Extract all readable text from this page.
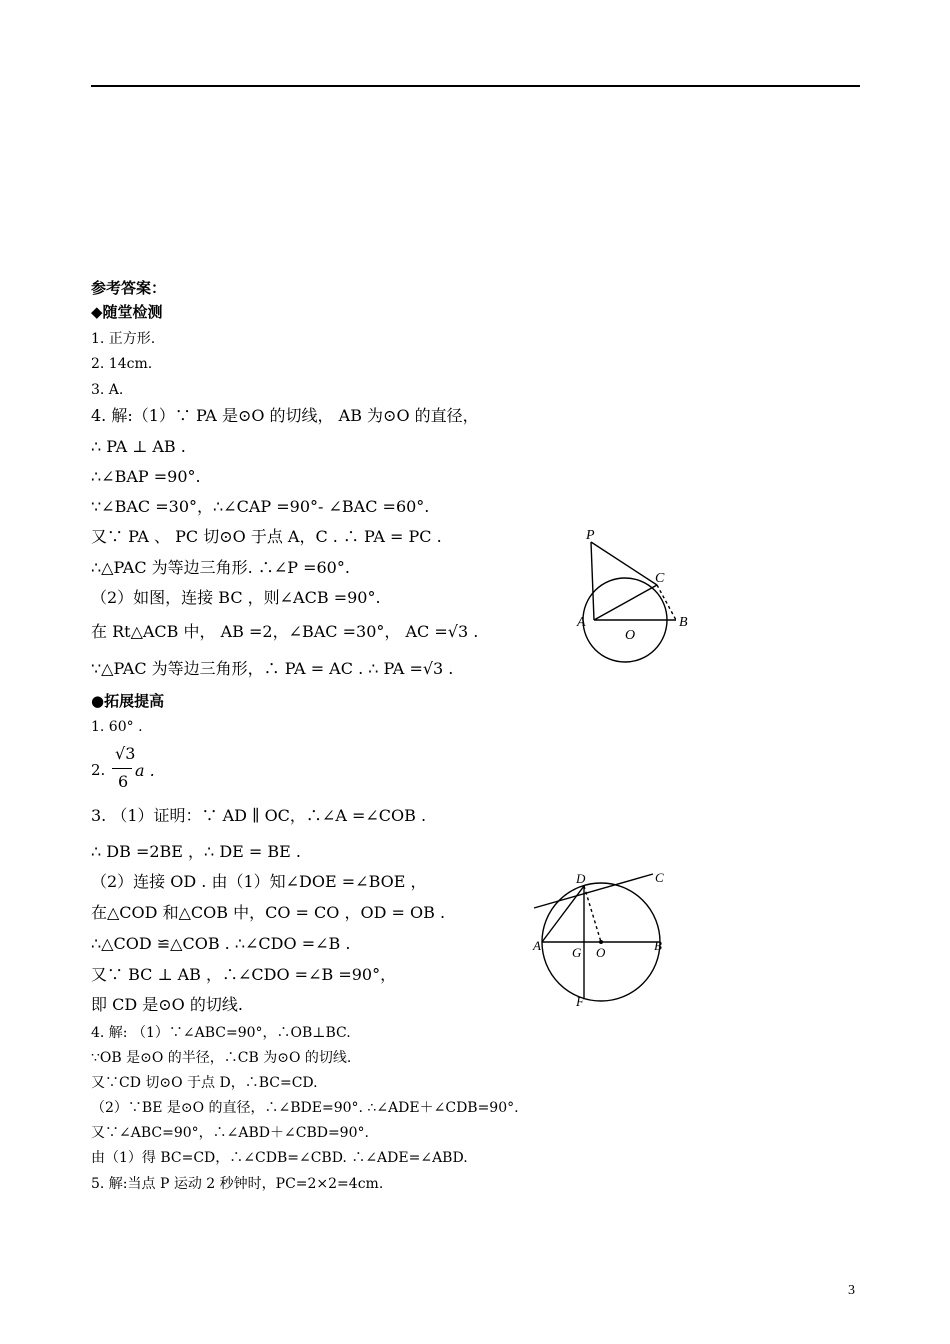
参考答案：
◆随堂检测
1. 正方形.
2. 14cm.
3. A.
4. 解:（1）∵ PA 是⊙O 的切线， AB 为⊙O 的直径，
∴ PA ⊥ AB .
∴∠BAP =90°.
∵∠BAC =30°，∴∠CAP =90°- ∠BAC =60°.
又∵ PA 、 PC 切⊙O 于点 A，C . ∴ PA = PC .
∴△PAC 为等边三角形. ∴∠P =60°.
（2）如图，连接 BC ，则∠ACB =90°.
在 Rt△ACB 中， AB =2，∠BAC =30°， AC =√3 .
∵△PAC 为等边三角形，∴ PA = AC . ∴ PA =√3 .
●拓展提高
1. 60° .
2.
√3
6
a .
3. （1）证明：∵ AD ∥ OC，∴∠A =∠COB .
∴ DB =2BE ，∴ DE = BE .
（2）连接 OD . 由（1）知∠DOE =∠BOE ，
在△COD 和△COB 中，CO = CO ，OD = OB .
∴△COD ≌△COB . ∴∠CDO =∠B .
又∵ BC ⊥ AB ，∴∠CDO =∠B =90°，
即 CD 是⊙O 的切线.
4. 解: （1）∵∠ABC=90°，∴OB⊥BC.
∵OB 是⊙O 的半径，∴CB 为⊙O 的切线.
又∵CD 切⊙O 于点 D，∴BC=CD.
（2）∵BE 是⊙O 的直径，∴∠BDE=90°. ∴∠ADE＋∠CDB=90°.
又∵∠ABC=90°，∴∠ABD＋∠CBD=90°.
由（1）得 BC=CD，∴∠CDB=∠CBD. ∴∠ADE=∠ABD.
5. 解:当点 P 运动 2 秒钟时，PC=2×2=4cm.
P
C
A
O
B
D	C
A G O	B
F
3
